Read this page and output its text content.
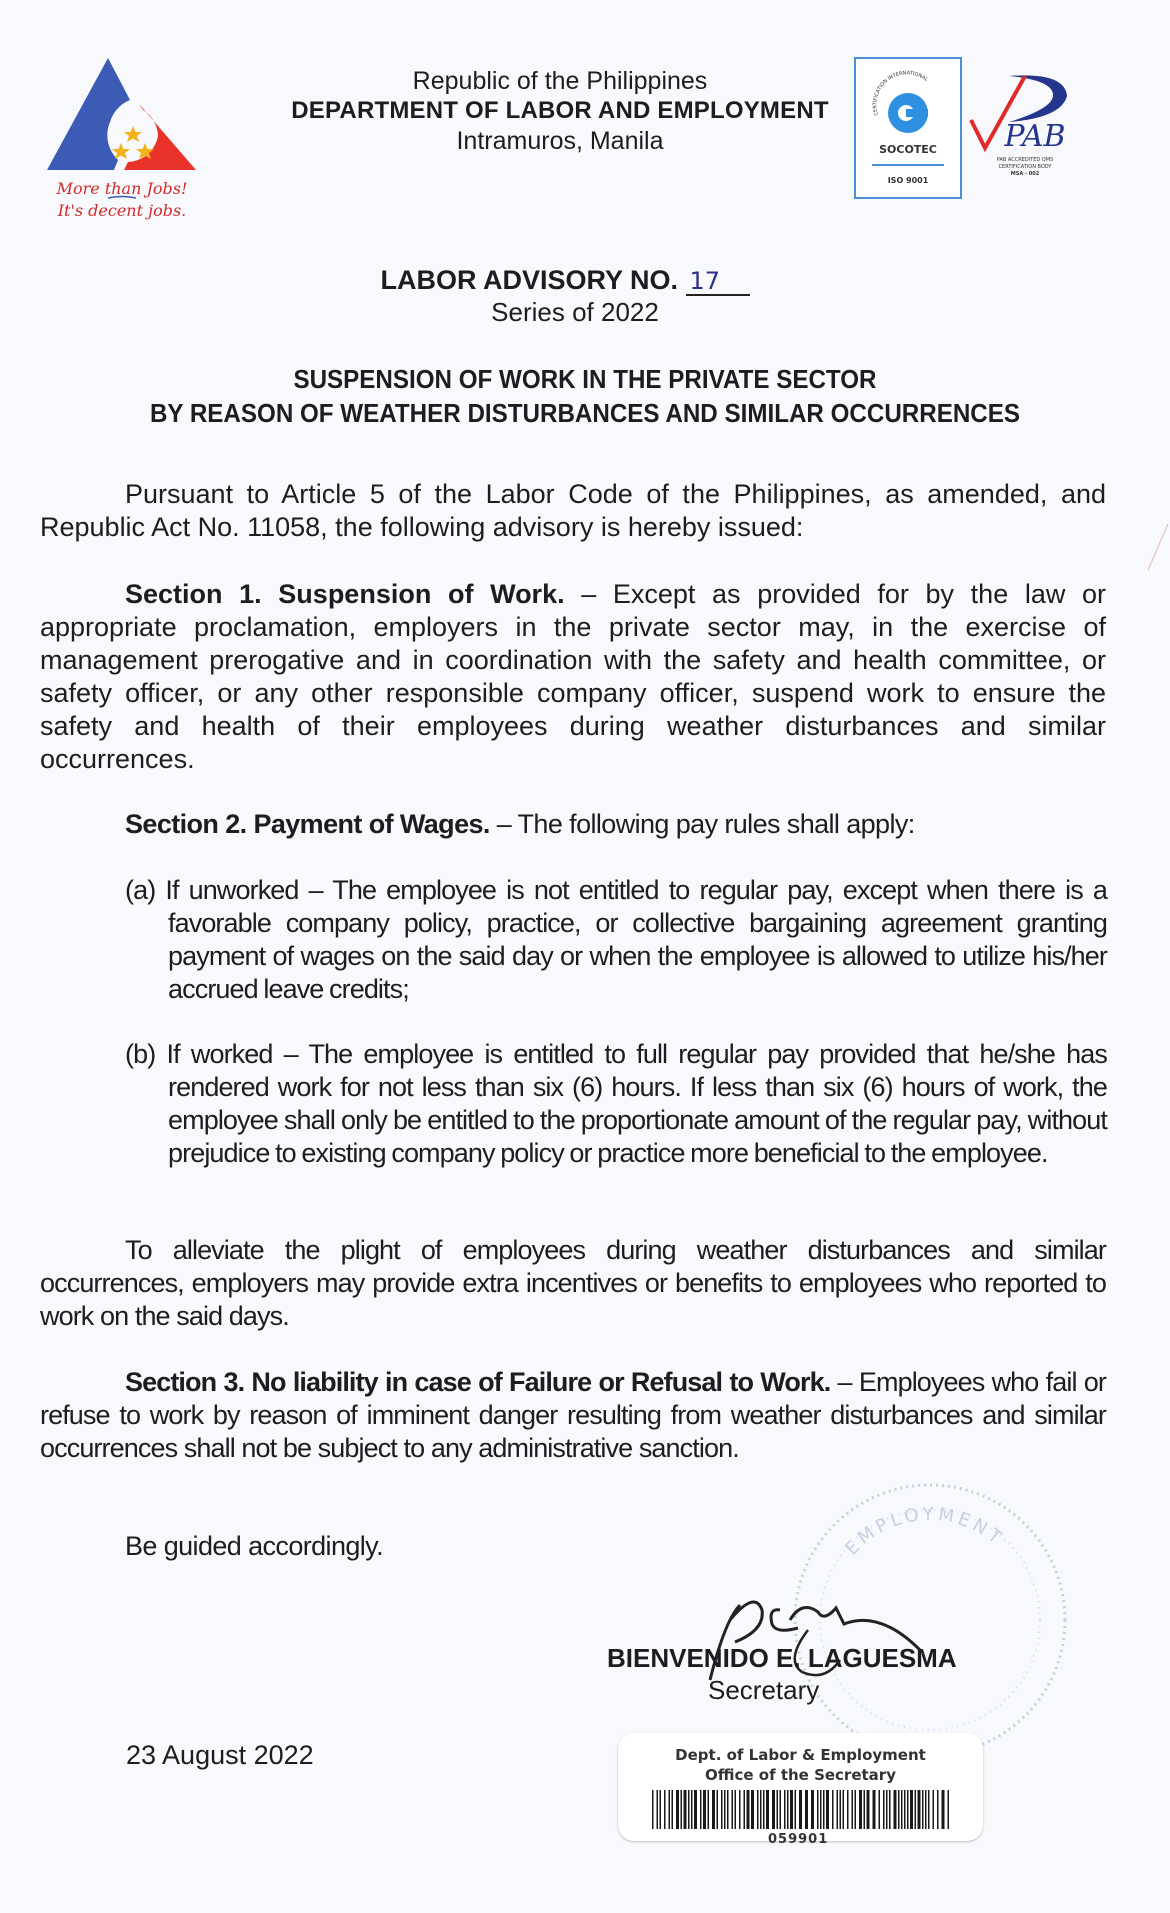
More than Jobs!
It's decent jobs.
Republic of the Philippines
DEPARTMENT OF LABOR AND EMPLOYMENT
Intramuros, Manila
CERTIFICATION INTERNATIONAL
SOCOTEC
ISO 9001
PAB
PAB ACCREDITED QMS
CERTIFICATION BODY
MSA - 002
LABOR ADVISORY NO. 17
Series of 2022
SUSPENSION OF WORK IN THE PRIVATE SECTOR
BY REASON OF WEATHER DISTURBANCES AND SIMILAR OCCURRENCES

Pursuant to Article 5 of the Labor Code of the Philippines, as amended, and Republic Act No. 11058, the following advisory is hereby issued:

Section 1. Suspension of Work. – Except as provided for by the law or appropriate proclamation, employers in the private sector may, in the exercise of management prerogative and in coordination with the safety and health committee, or safety officer, or any other responsible company officer, suspend work to ensure the safety and health of their employees during weather disturbances and similar occurrences.

Section 2. Payment of Wages. – The following pay rules shall apply:

(a) If unworked – The employee is not entitled to regular pay, except when there is a favorable company policy, practice, or collective bargaining agreement granting payment of wages on the said day or when the employee is allowed to utilize his/her accrued leave credits;
(b) If worked – The employee is entitled to full regular pay provided that he/she has rendered work for not less than six (6) hours. If less than six (6) hours of work, the employee shall only be entitled to the proportionate amount of the regular pay, without prejudice to existing company policy or practice more beneficial to the employee.

To alleviate the plight of employees during weather disturbances and similar occurrences, employers may provide extra incentives or benefits to employees who reported to work on the said days.

Section 3. No liability in case of Failure or Refusal to Work. – Employees who fail or refuse to work by reason of imminent danger resulting from weather disturbances and similar occurrences shall not be subject to any administrative sanction.

Be guided accordingly.	EMPLOYMENT
BIENVENIDO E. LAGUESMA
Secretary
23 August 2022	Dept. of Labor & Employment
Office of the Secretary
059901
